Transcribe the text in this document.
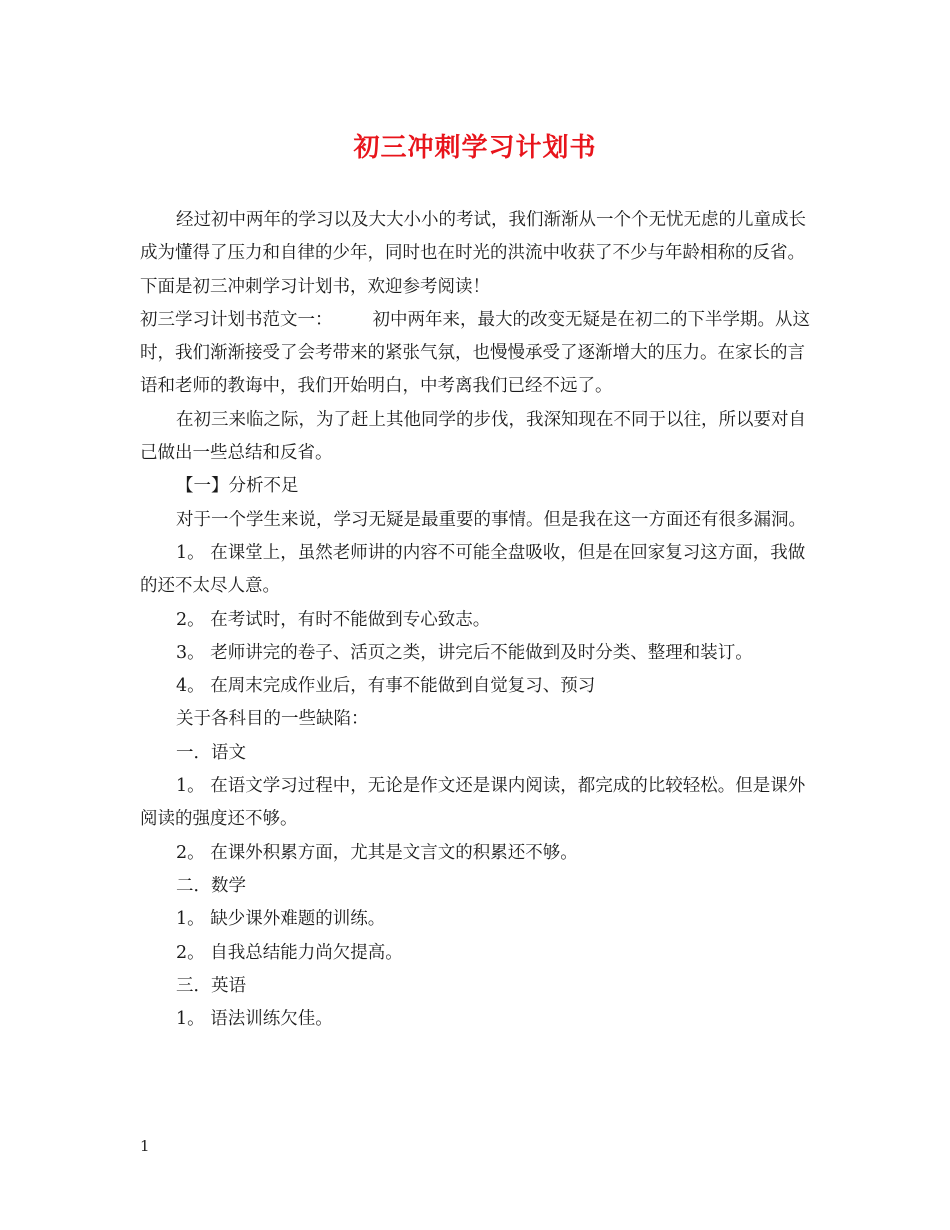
初三冲刺学习计划书

经过初中两年的学习以及大大小小的考试，我们渐渐从一个个无忧无虑的儿童成长成为懂得了压力和自律的少年，同时也在时光的洪流中收获了不少与年龄相称的反省。下面是初三冲刺学习计划书，欢迎参考阅读！

初三学习计划书范文一： 初中两年来，最大的改变无疑是在初二的下半学期。从这时，我们渐渐接受了会考带来的紧张气氛，也慢慢承受了逐渐增大的压力。在家长的言语和老师的教诲中，我们开始明白，中考离我们已经不远了。

在初三来临之际，为了赶上其他同学的步伐，我深知现在不同于以往，所以要对自己做出一些总结和反省。

【一】分析不足

对于一个学生来说，学习无疑是最重要的事情。但是我在这一方面还有很多漏洞。

1。 在课堂上，虽然老师讲的内容不可能全盘吸收，但是在回家复习这方面，我做的还不太尽人意。

2。 在考试时，有时不能做到专心致志。

3。 老师讲完的卷子、活页之类，讲完后不能做到及时分类、整理和装订。

4。 在周末完成作业后，有事不能做到自觉复习、预习

关于各科目的一些缺陷：

一．语文

1。 在语文学习过程中，无论是作文还是课内阅读，都完成的比较轻松。但是课外阅读的强度还不够。

2。 在课外积累方面，尤其是文言文的积累还不够。

二．数学

1。 缺少课外难题的训练。

2。 自我总结能力尚欠提高。

三．英语

1。 语法训练欠佳。

1
